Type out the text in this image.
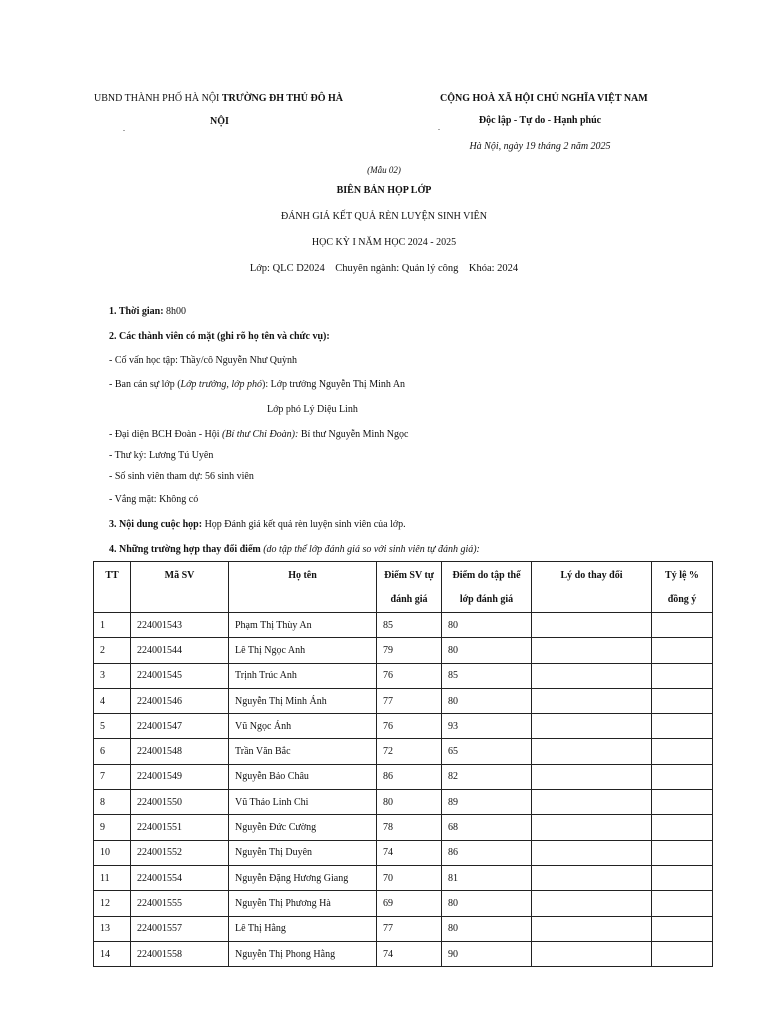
UBND THÀNH PHỐ HÀ NỘI TRƯỜNG ĐH THỦ ĐÔ HÀ
NỘI
.
CỘNG HOÀ XÃ HỘI CHỦ NGHĨA VIỆT NAM
Độc lập - Tự do - Hạnh phúc
.
Hà Nội, ngày 19 tháng 2 năm 2025
(Mẫu 02)
BIÊN BẢN HỌP LỚP
ĐÁNH GIÁ KẾT QUẢ RÈN LUYỆN SINH VIÊN
HỌC KỲ I NĂM HỌC 2024 - 2025
Lớp: QLC D2024    Chuyên ngành: Quản lý công    Khóa: 2024
1. Thời gian: 8h00
2. Các thành viên có mặt (ghi rõ họ tên và chức vụ):
- Cố vấn học tập: Thầy/cô Nguyễn Như Quỳnh
- Ban cán sự lớp (Lớp trưởng, lớp phó): Lớp trưởng Nguyễn Thị Minh An
Lớp phó Lý Diệu Linh
- Đại diện BCH Đoàn - Hội (Bí thư Chi Đoàn): Bí thư Nguyễn Minh Ngọc
- Thư ký: Lương Tú Uyên
- Số sinh viên tham dự: 56 sinh viên
- Vắng mặt: Không có
3. Nội dung cuộc họp: Họp Đánh giá kết quả rèn luyện sinh viên của lớp.
4. Những trường hợp thay đổi điểm (do tập thể lớp đánh giá so với sinh viên tự đánh giá):
TT	Mã SV	Họ tên	Điểm SV tự
đánh giá	Điểm do tập thể
lớp đánh giá	Lý do thay đổi	Tỷ lệ %
đồng ý
1	224001543	Phạm Thị Thùy An	85	80		
2	224001544	Lê Thị Ngọc Anh	79	80		
3	224001545	Trịnh Trúc Anh	76	85		
4	224001546	Nguyễn Thị Minh Ánh	77	80		
5	224001547	Vũ Ngọc Ánh	76	93		
6	224001548	Trần Văn Bắc	72	65		
7	224001549	Nguyễn Bảo Châu	86	82		
8	224001550	Vũ Thảo Linh Chi	80	89		
9	224001551	Nguyễn Đức Cường	78	68		
10	224001552	Nguyễn Thị Duyên	74	86		
11	224001554	Nguyễn Đặng Hương Giang	70	81		
12	224001555	Nguyễn Thị Phương Hà	69	80		
13	224001557	Lê Thị Hằng	77	80		
14	224001558	Nguyễn Thị Phong Hằng	74	90		
